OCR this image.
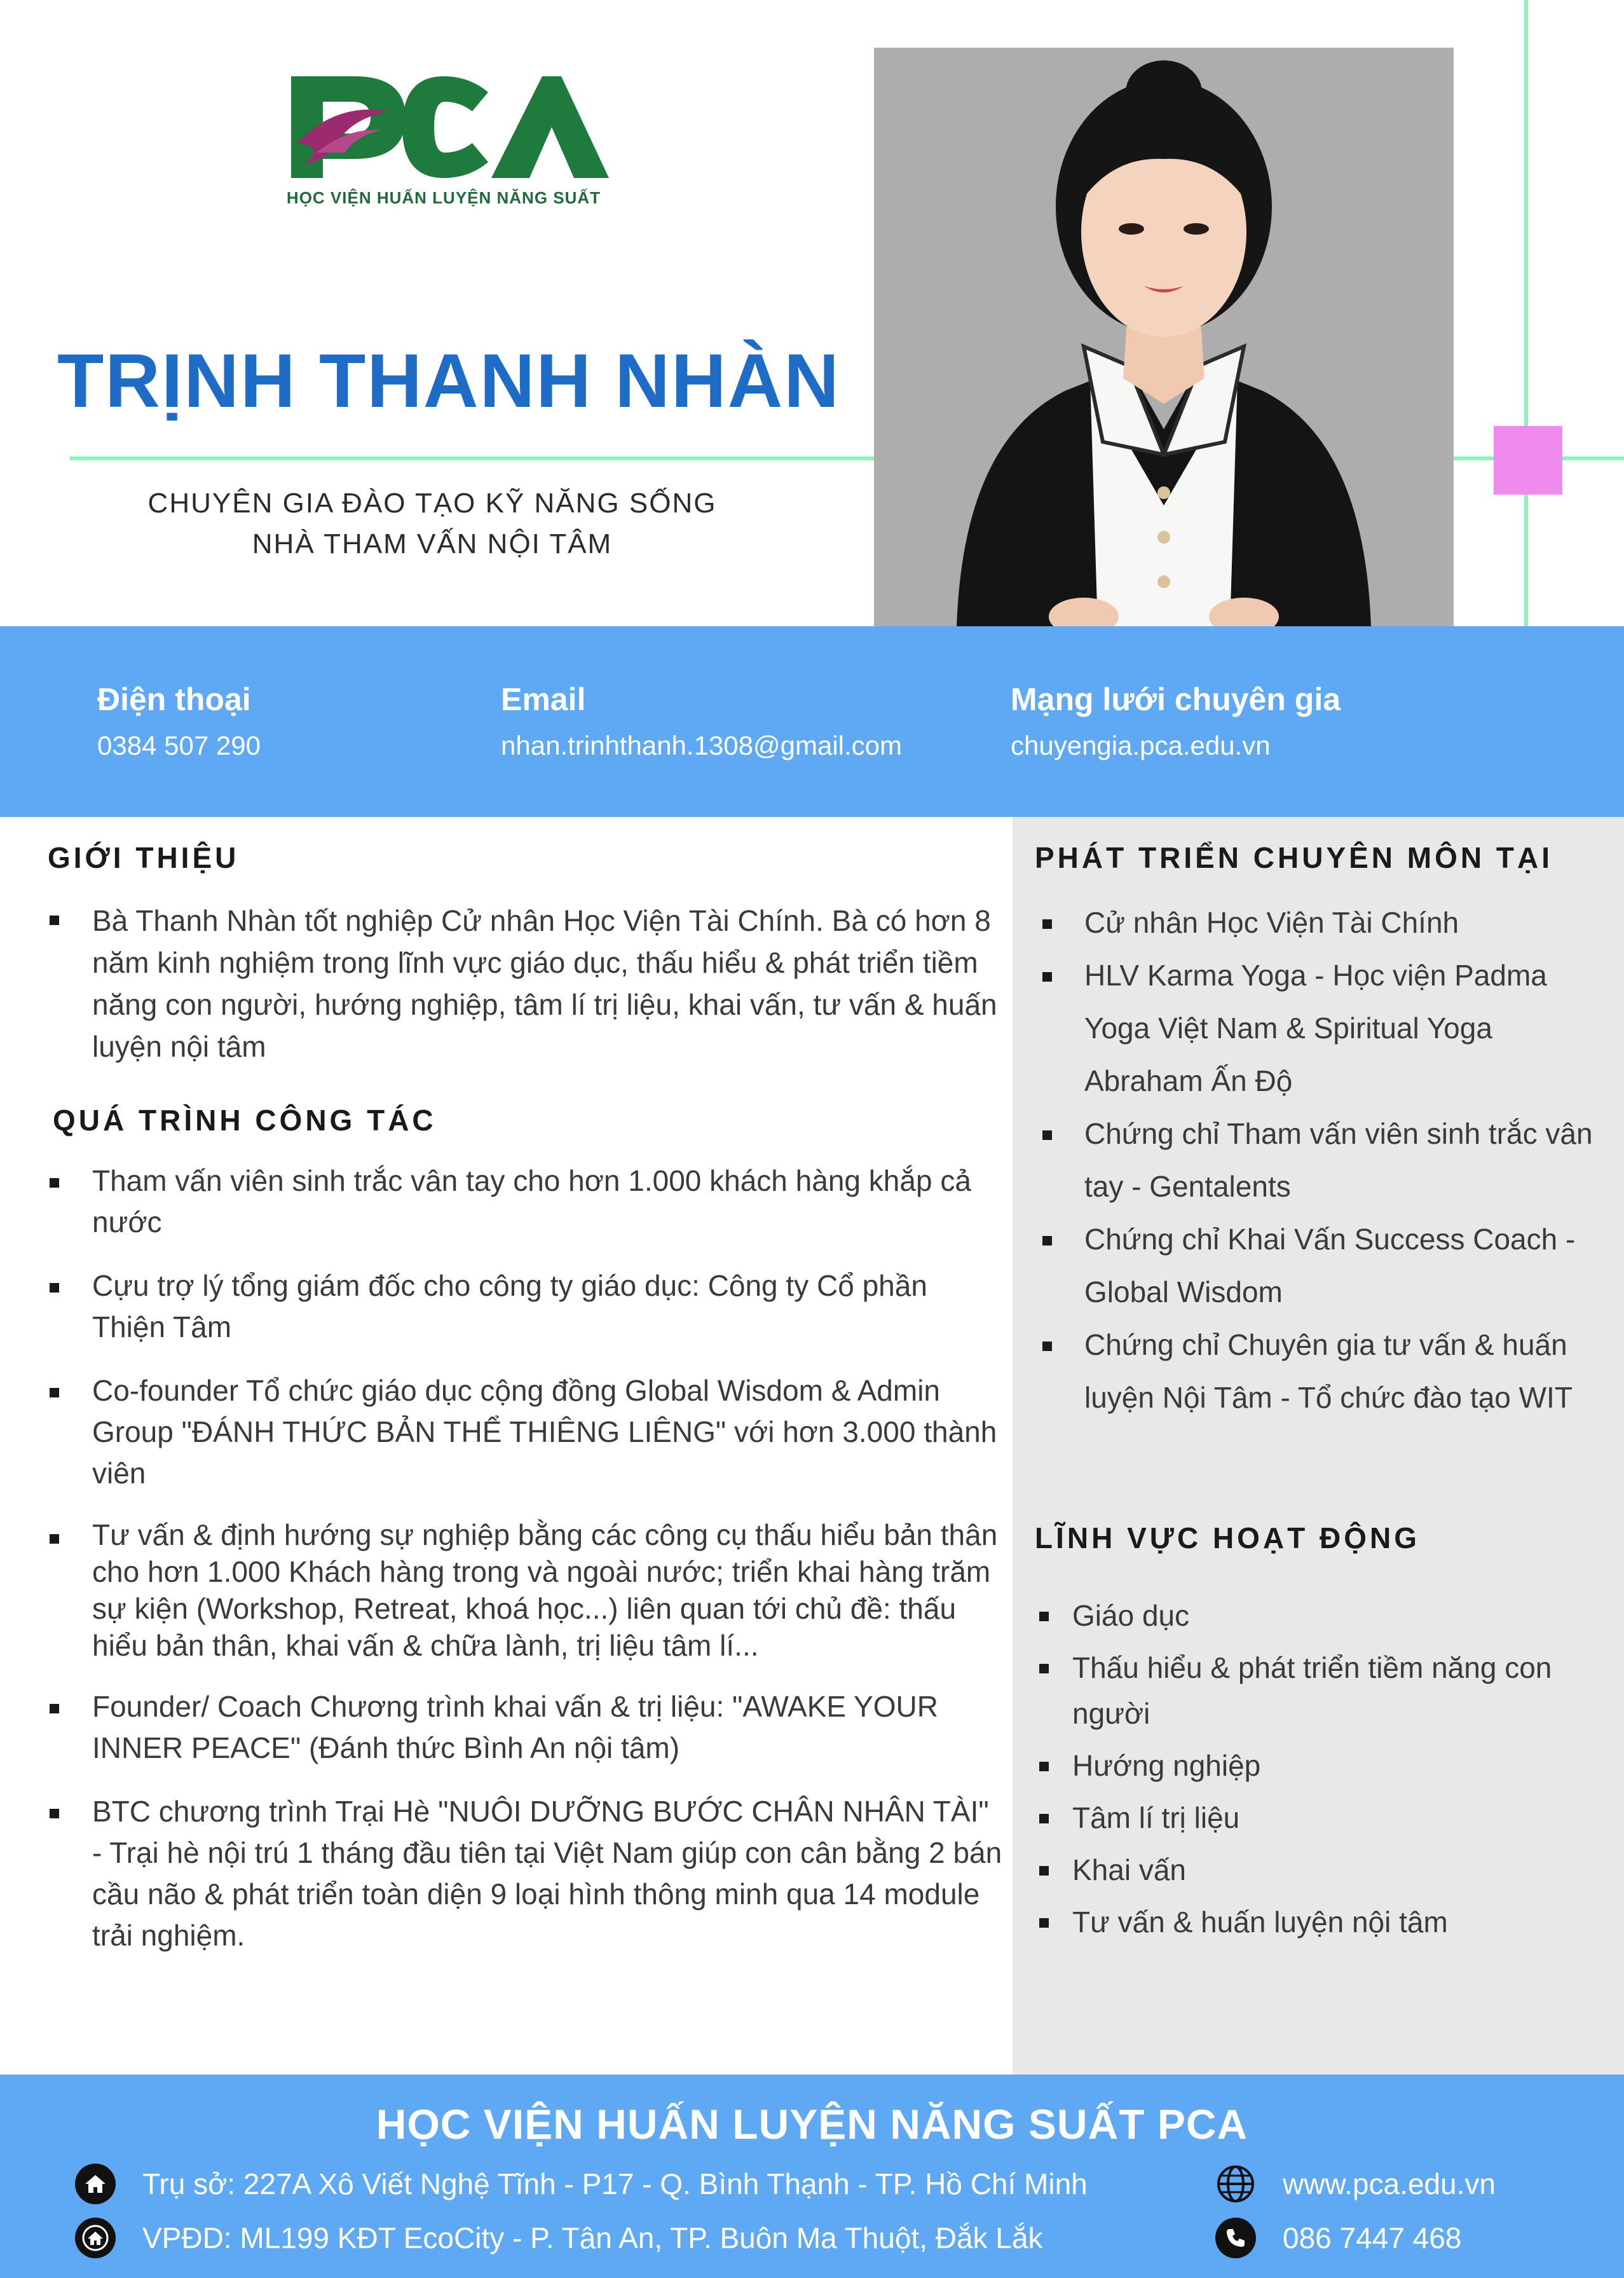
HỌC VIỆN HUẤN LUYỆN NĂNG SUẤT
TRỊNH THANH NHÀN
CHUYÊN GIA ĐÀO TẠO KỸ NĂNG SỐNG
NHÀ THAM VẤN NỘI TÂM
Điện thoại
0384 507 290
Email
nhan.trinhthanh.1308@gmail.com
Mạng lưới chuyên gia
chuyengia.pca.edu.vn
GIỚI THIỆU
Bà Thanh Nhàn tốt nghiệp Cử nhân Học Viện Tài Chính. Bà có hơn 8 năm kinh nghiệm trong lĩnh vực giáo dục, thấu hiểu & phát triển tiềm năng con người, hướng nghiệp, tâm lí trị liệu, khai vấn, tư vấn & huấn luyện nội tâm
QUÁ TRÌNH CÔNG TÁC
Tham vấn viên sinh trắc vân tay cho hơn 1.000 khách hàng khắp cả nước
Cựu trợ lý tổng giám đốc cho công ty giáo dục: Công ty Cổ phần Thiện Tâm
Co-founder Tổ chức giáo dục cộng đồng Global Wisdom & Admin Group "ĐÁNH THỨC BẢN THỂ THIÊNG LIÊNG" với hơn 3.000 thành viên
Tư vấn & định hướng sự nghiệp bằng các công cụ thấu hiểu bản thân cho hơn 1.000 Khách hàng trong và ngoài nước; triển khai hàng trăm sự kiện (Workshop, Retreat, khoá học...) liên quan tới chủ đề: thấu hiểu bản thân, khai vấn & chữa lành, trị liệu tâm lí...
Founder/ Coach Chương trình khai vấn & trị liệu: "AWAKE YOUR INNER PEACE" (Đánh thức Bình An nội tâm)
BTC chương trình Trại Hè "NUÔI DƯỠNG BƯỚC CHÂN NHÂN TÀI" - Trại hè nội trú 1 tháng đầu tiên tại Việt Nam giúp con cân bằng 2 bán cầu não & phát triển toàn diện 9 loại hình thông minh qua 14 module trải nghiệm.
PHÁT TRIỂN CHUYÊN MÔN TẠI
Cử nhân Học Viện Tài Chính
HLV Karma Yoga - Học viện Padma Yoga Việt Nam & Spiritual Yoga Abraham Ấn Độ
Chứng chỉ Tham vấn viên sinh trắc vân tay - Gentalents
Chứng chỉ Khai Vấn Success Coach - Global Wisdom
Chứng chỉ Chuyên gia tư vấn & huấn luyện Nội Tâm - Tổ chức đào tạo WIT
LĨNH VỰC HOẠT ĐỘNG
Giáo dục
Thấu hiểu & phát triển tiềm năng con người
Hướng nghiệp
Tâm lí trị liệu
Khai vấn
Tư vấn & huấn luyện nội tâm
HỌC VIỆN HUẤN LUYỆN NĂNG SUẤT PCA
Trụ sở: 227A Xô Viết Nghệ Tĩnh - P17 - Q. Bình Thạnh - TP. Hồ Chí Minh
VPĐD: ML199 KĐT EcoCity - P. Tân An, TP. Buôn Ma Thuột, Đắk Lắk
www.pca.edu.vn
086 7447 468
